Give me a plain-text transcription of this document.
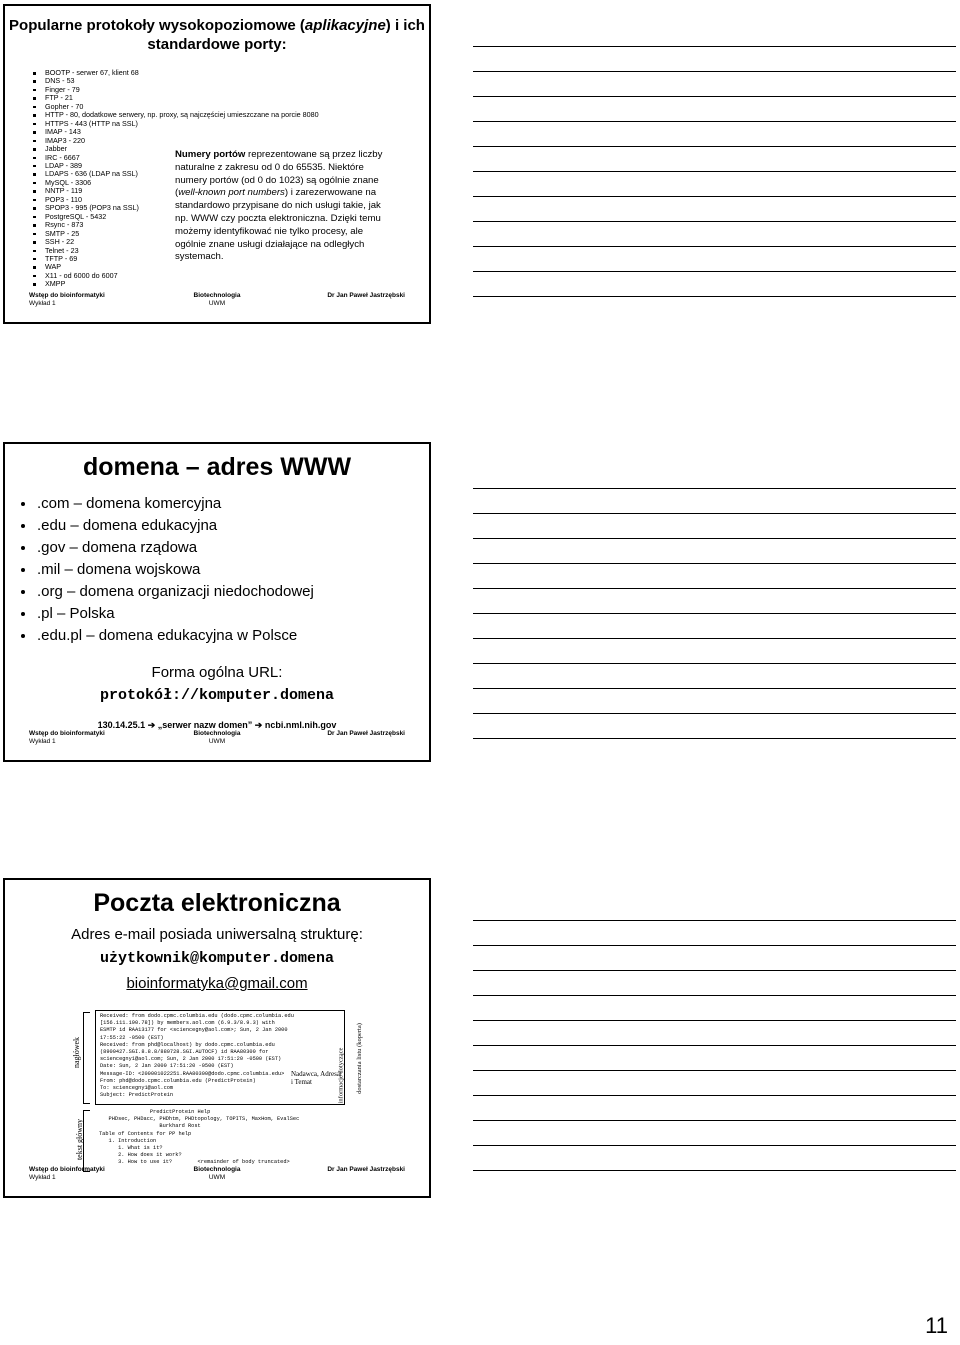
Popularne protokoły wysokopoziomowe (aplikacyjne) i ich standardowe porty:
BOOTP - serwer 67, klient 68
DNS - 53
Finger - 79
FTP - 21
Gopher - 70
HTTP - 80, dodatkowe serwery, np. proxy, są najczęściej umieszczane na porcie 8080
HTTPS - 443 (HTTP na SSL)
IMAP - 143
IMAP3 - 220
Jabber
IRC - 6667
LDAP - 389
LDAPS - 636 (LDAP na SSL)
MySQL - 3306
NNTP - 119
POP3 - 110
SPOP3 - 995 (POP3 na SSL)
PostgreSQL - 5432
Rsync - 873
SMTP - 25
SSH - 22
Telnet - 23
TFTP - 69
WAP
X11 - od 6000 do 6007
XMPP
Numery portów reprezentowane są przez liczby naturalne z zakresu od 0 do 65535. Niektóre numery portów (od 0 do 1023) są ogólnie znane (well-known port numbers) i zarezerwowane na standardowo przypisane do nich usługi takie, jak np. WWW czy poczta elektroniczna. Dzięki temu możemy identyfikować nie tylko procesy, ale ogólnie znane usługi działające na odległych systemach.
Wstęp do bioinformatyki
Wykład 1
Biotechnologia
UWM
Dr Jan Paweł Jastrzębski
domena – adres WWW
.com – domena komercyjna
.edu – domena edukacyjna
.gov – domena rządowa
.mil – domena wojskowa
.org – domena organizacji niedochodowej
.pl – Polska
.edu.pl – domena edukacyjna w Polsce
Forma ogólna URL:
protokół://komputer.domena
130.14.25.1 ➔ „serwer nazw domen” ➔ ncbi.nml.nih.gov
Wstęp do bioinformatyki
Wykład 1
Biotechnologia
UWM
Dr Jan Paweł Jastrzębski
Poczta elektroniczna
Adres e-mail posiada uniwersalną strukturę:
użytkownik@komputer.domena
bioinformatyka@gmail.com
nagłówek
tekst główny
Received: from dodo.cpmc.columbia.edu (dodo.cpmc.columbia.edu
[156.111.190.78]) by members.aol.com (6.9.3/8.9.3) with
ESMTP id RAA13177 for <sciencegny@aol.com>; Sun, 2 Jan 2000
17:55:22 -0500 (EST)
Received: from phd@localhost) by dodo.cpmc.columbia.edu
(8900427.SGI.8.8.8/880728.SGI.AUTOCF) id RAA80300 for
sciencegny1@aol.com; Sun, 2 Jan 2000 17:51:20 -0500 (EST)
Date: Sun, 2 Jan 2000 17:51:20 -0500 (EST)
Message-ID: <200001022251.RAA80300@dodo.cpmc.columbia.edu>
From: phd@dodo.cpmc.columbia.edu (PredictProtein)
To: sciencegny1@aol.com
Subject: PredictProtein
PredictProtein Help
PHDsec, PHDacc, PHDhtm, PHDtopology, TOPITS, MaxHom, EvalSec
Burkhard Rost
Table of Contents for PP help
1. Introduction
1. What is it?
2. How does it work?
3. How to use it?        <remainder of body truncated>
Nadawca, Adresat
i Temat	informacje dotyczące dostarczania listu (koperta)
Wstęp do bioinformatyki
Wykład 1
Biotechnologia
UWM
Dr Jan Paweł Jastrzębski
11
